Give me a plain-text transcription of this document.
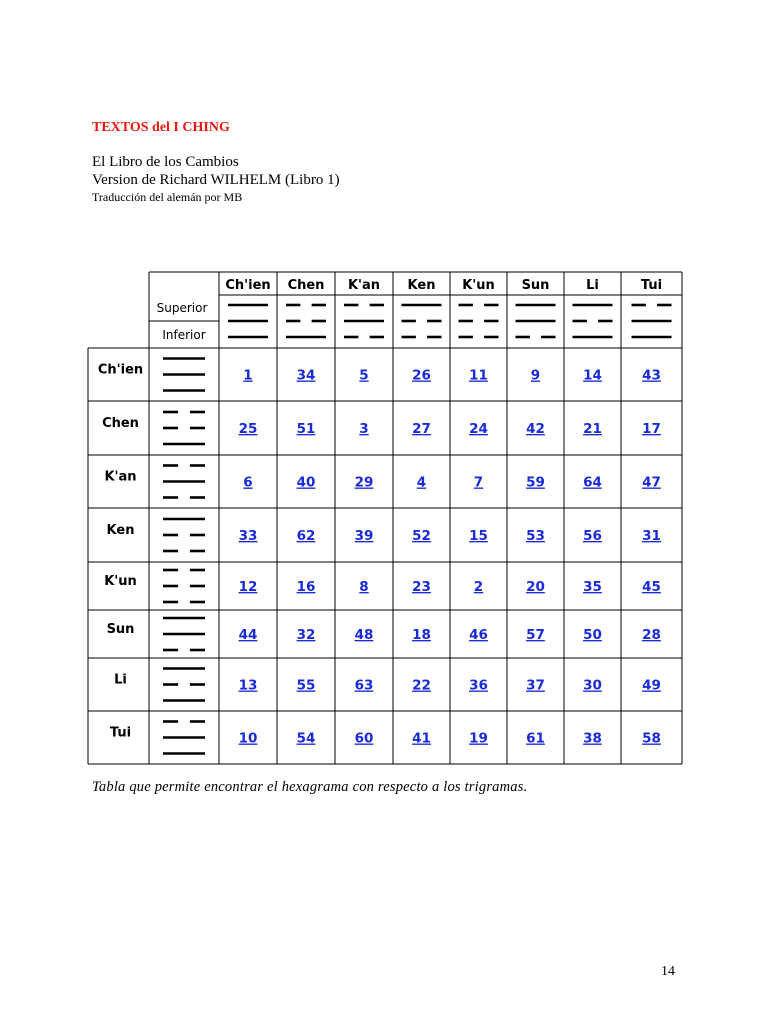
TEXTOS del I CHING
El Libro de los Cambios
Version de Richard WILHELM (Libro 1)
Traducción del alemán por MB
Superior
Inferior
Ch'ien Chen K'an Ken K'un Sun	Li	Tui
Ch'ien	1	34	5	26	11	9	14	43
Chen	25	51	3	27	24	42	21	17
K'an	6	40	29	4	7	59	64	47
Ken	33	62	39	52	15	53	56	31
K'un	12	16	8	23	2	20	35	45
Sun	44	32	48	18	46	57	50	28
Li	13	55	63	22	36	37	30	49
Tui	10	54	60	41	19	61	38	58
Tabla que permite encontrar el hexagrama con respecto a los trigramas.
14
